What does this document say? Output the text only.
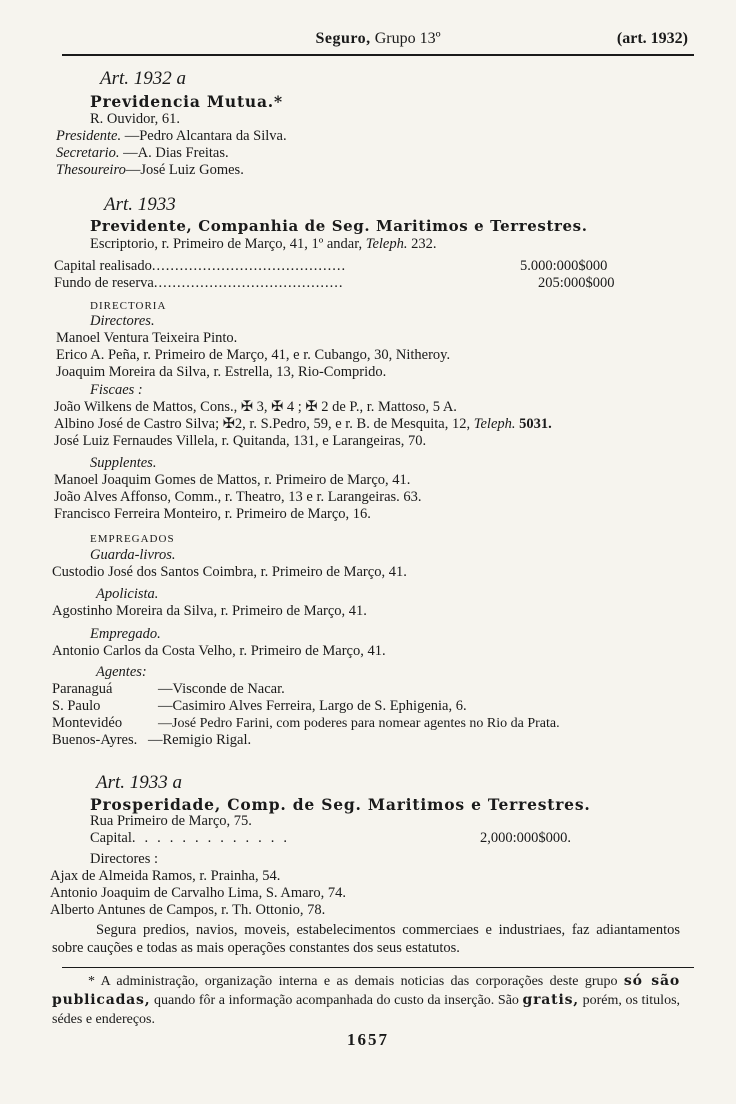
Seguro, Grupo 13º	(art. 1932)
Art. 1932 a
Previdencia Mutua.*
R. Ouvidor, 61.
Presidente. —Pedro Alcantara da Silva.
Secretario. —A. Dias Freitas.
Thesoureiro—José Luiz Gomes.
Art. 1933
Previdente, Companhia de Seg. Maritimos e Terrestres.
Escriptorio, r. Primeiro de Março, 41, 1º andar, Teleph. 232.
Capital realisado..........................................	5.000:000$000
Fundo de reserva.........................................	205:000$000
DIRECTORIA
Directores.
Manoel Ventura Teixeira Pinto.
Erico A. Peña, r. Primeiro de Março, 41, e r. Cubango, 30, Nitheroy.
Joaquim Moreira da Silva, r. Estrella, 13, Rio-Comprido.
Fiscaes :
João Wilkens de Mattos, Cons., ✠ 3, ✠ 4 ; ✠ 2 de P., r. Mattoso, 5 A.
Albino José de Castro Silva; ✠2, r. S.Pedro, 59, e r. B. de Mesquita, 12, Teleph. 5031.
José Luiz Fernaudes Villela, r. Quitanda, 131, e Larangeiras, 70.
Supplentes.
Manoel Joaquim Gomes de Mattos, r. Primeiro de Março, 41.
João Alves Affonso, Comm., r. Theatro, 13 e r. Larangeiras. 63.
Francisco Ferreira Monteiro, r. Primeiro de Março, 16.
EMPREGADOS
Guarda-livros.
Custodio José dos Santos Coimbra, r. Primeiro de Março, 41.
Apolicista.
Agostinho Moreira da Silva, r. Primeiro de Março, 41.
Empregado.
Antonio Carlos da Costa Velho, r. Primeiro de Março, 41.
Agentes:
Paranaguá	—Visconde de Nacar.
S. Paulo	—Casimiro Alves Ferreira, Largo de S. Ephigenia, 6.
Montevidéo	—José Pedro Farini, com poderes para nomear agentes no Rio da Prata.
Buenos-Ayres. —Remigio Rigal.
Art. 1933 a
Prosperidade, Comp. de Seg. Maritimos e Terrestres.
Rua Primeiro de Março, 75.
Capital.............	2,000:000$000.
Directores :
Ajax de Almeida Ramos, r. Prainha, 54.
Antonio Joaquim de Carvalho Lima, S. Amaro, 74.
Alberto Antunes de Campos, r. Th. Ottonio, 78.
Segura predios, navios, moveis, estabelecimentos commerciaes e industriaes, faz adiantamentos sobre cauções e todas as mais operações constantes dos seus estatutos.
* A administração, organização interna e as demais noticias das corporações deste grupo só são publicadas, quando fôr a informação acompanhada do custo da inserção. São gratis, porém, os titulos, sédes e endereços.
1657
